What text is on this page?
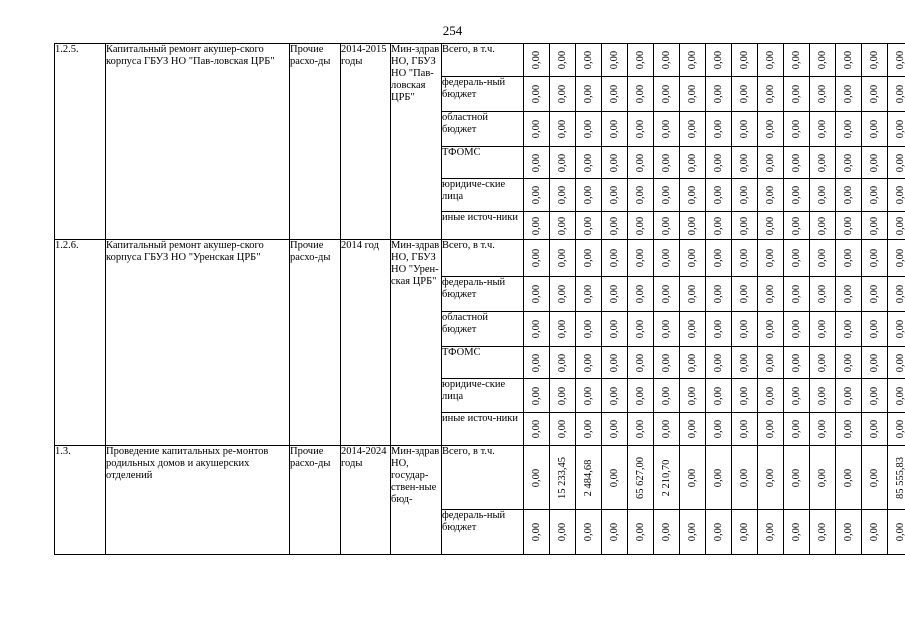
254
1.2.5.	Капитальный ремонт акушер-ского корпуса ГБУЗ НО "Пав-ловская ЦРБ"	Прочие расхо-ды	2014-2015 годы	Мин-здрав НО, ГБУЗ НО "Пав-ловская ЦРБ"	Всего, в т.ч.	0,00	0,00	0,00	0,00	0,00	0,00	0,00	0,00	0,00	0,00	0,00	0,00	0,00	0,00	0,00

					федераль-ный бюджет	0,00	0,00	0,00	0,00	0,00	0,00	0,00	0,00	0,00	0,00	0,00	0,00	0,00	0,00	0,00

					областной бюджет	0,00	0,00	0,00	0,00	0,00	0,00	0,00	0,00	0,00	0,00	0,00	0,00	0,00	0,00	0,00

					ТФОМС	0,00	0,00	0,00	0,00	0,00	0,00	0,00	0,00	0,00	0,00	0,00	0,00	0,00	0,00	0,00

					юридиче-ские лица	0,00	0,00	0,00	0,00	0,00	0,00	0,00	0,00	0,00	0,00	0,00	0,00	0,00	0,00	0,00

					иные источ-ники	0,00	0,00	0,00	0,00	0,00	0,00	0,00	0,00	0,00	0,00	0,00	0,00	0,00	0,00	0,00

1.2.6.	Капитальный ремонт акушер-ского корпуса ГБУЗ НО "Уренская ЦРБ"	Прочие расхо-ды	2014 год	Мин-здрав НО, ГБУЗ НО "Урен-ская ЦРБ"	Всего, в т.ч.	0,00	0,00	0,00	0,00	0,00	0,00	0,00	0,00	0,00	0,00	0,00	0,00	0,00	0,00	0,00

					федераль-ный бюджет	0,00	0,00	0,00	0,00	0,00	0,00	0,00	0,00	0,00	0,00	0,00	0,00	0,00	0,00	0,00

					областной бюджет	0,00	0,00	0,00	0,00	0,00	0,00	0,00	0,00	0,00	0,00	0,00	0,00	0,00	0,00	0,00

					ТФОМС	0,00	0,00	0,00	0,00	0,00	0,00	0,00	0,00	0,00	0,00	0,00	0,00	0,00	0,00	0,00

					юридиче-ские лица	0,00	0,00	0,00	0,00	0,00	0,00	0,00	0,00	0,00	0,00	0,00	0,00	0,00	0,00	0,00

					иные источ-ники	0,00	0,00	0,00	0,00	0,00	0,00	0,00	0,00	0,00	0,00	0,00	0,00	0,00	0,00	0,00

1.3.	Проведение капитальных ре-монтов родильных домов и акушерских отделений	Прочие расхо-ды	2014-2024 годы	Мин-здрав НО, государ-ствен-ные бюд-	Всего, в т.ч.	0,00	15 233,45	2 484,68	0,00	65 627,00	2 210,70	0,00	0,00	0,00	0,00	0,00	0,00	0,00	0,00	85 555,83

					федераль-ный бюджет	0,00	0,00	0,00	0,00	0,00	0,00	0,00	0,00	0,00	0,00	0,00	0,00	0,00	0,00	0,00
